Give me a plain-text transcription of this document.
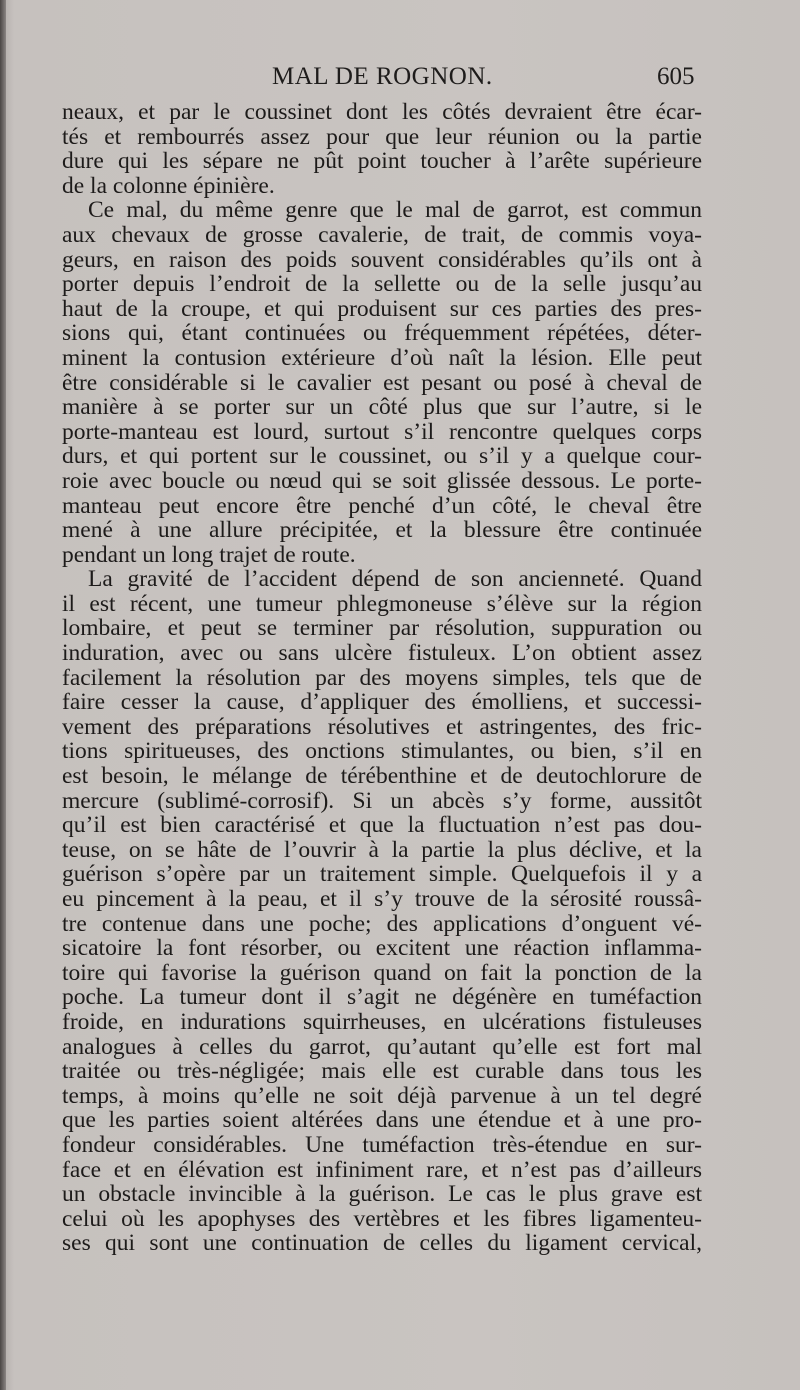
MAL DE ROGNON.	605
neaux, et par le coussinet dont les côtés devraient être écar-
tés et rembourrés assez pour que leur réunion ou la partie
dure qui les sépare ne pût point toucher à l’arête supérieure
de la colonne épinière.
Ce mal, du même genre que le mal de garrot, est commun
aux chevaux de grosse cavalerie, de trait, de commis voya-
geurs, en raison des poids souvent considérables qu’ils ont à
porter depuis l’endroit de la sellette ou de la selle jusqu’au
haut de la croupe, et qui produisent sur ces parties des pres-
sions qui, étant continuées ou fréquemment répétées, déter-
minent la contusion extérieure d’où naît la lésion. Elle peut
être considérable si le cavalier est pesant ou posé à cheval de
manière à se porter sur un côté plus que sur l’autre, si le
porte-manteau est lourd, surtout s’il rencontre quelques corps
durs, et qui portent sur le coussinet, ou s’il y a quelque cour-
roie avec boucle ou nœud qui se soit glissée dessous. Le porte-
manteau peut encore être penché d’un côté, le cheval être
mené à une allure précipitée, et la blessure être continuée
pendant un long trajet de route.
La gravité de l’accident dépend de son ancienneté. Quand
il est récent, une tumeur phlegmoneuse s’élève sur la région
lombaire, et peut se terminer par résolution, suppuration ou
induration, avec ou sans ulcère fistuleux. L’on obtient assez
facilement la résolution par des moyens simples, tels que de
faire cesser la cause, d’appliquer des émolliens, et successi-
vement des préparations résolutives et astringentes, des fric-
tions spiritueuses, des onctions stimulantes, ou bien, s’il en
est besoin, le mélange de térébenthine et de deutochlorure de
mercure (sublimé-corrosif). Si un abcès s’y forme, aussitôt
qu’il est bien caractérisé et que la fluctuation n’est pas dou-
teuse, on se hâte de l’ouvrir à la partie la plus déclive, et la
guérison s’opère par un traitement simple. Quelquefois il y a
eu pincement à la peau, et il s’y trouve de la sérosité roussâ-
tre contenue dans une poche; des applications d’onguent vé-
sicatoire la font résorber, ou excitent une réaction inflamma-
toire qui favorise la guérison quand on fait la ponction de la
poche. La tumeur dont il s’agit ne dégénère en tuméfaction
froide, en indurations squirrheuses, en ulcérations fistuleuses
analogues à celles du garrot, qu’autant qu’elle est fort mal
traitée ou très-négligée; mais elle est curable dans tous les
temps, à moins qu’elle ne soit déjà parvenue à un tel degré
que les parties soient altérées dans une étendue et à une pro-
fondeur considérables. Une tuméfaction très-étendue en sur-
face et en élévation est infiniment rare, et n’est pas d’ailleurs
un obstacle invincible à la guérison. Le cas le plus grave est
celui où les apophyses des vertèbres et les fibres ligamenteu-
ses qui sont une continuation de celles du ligament cervical,
